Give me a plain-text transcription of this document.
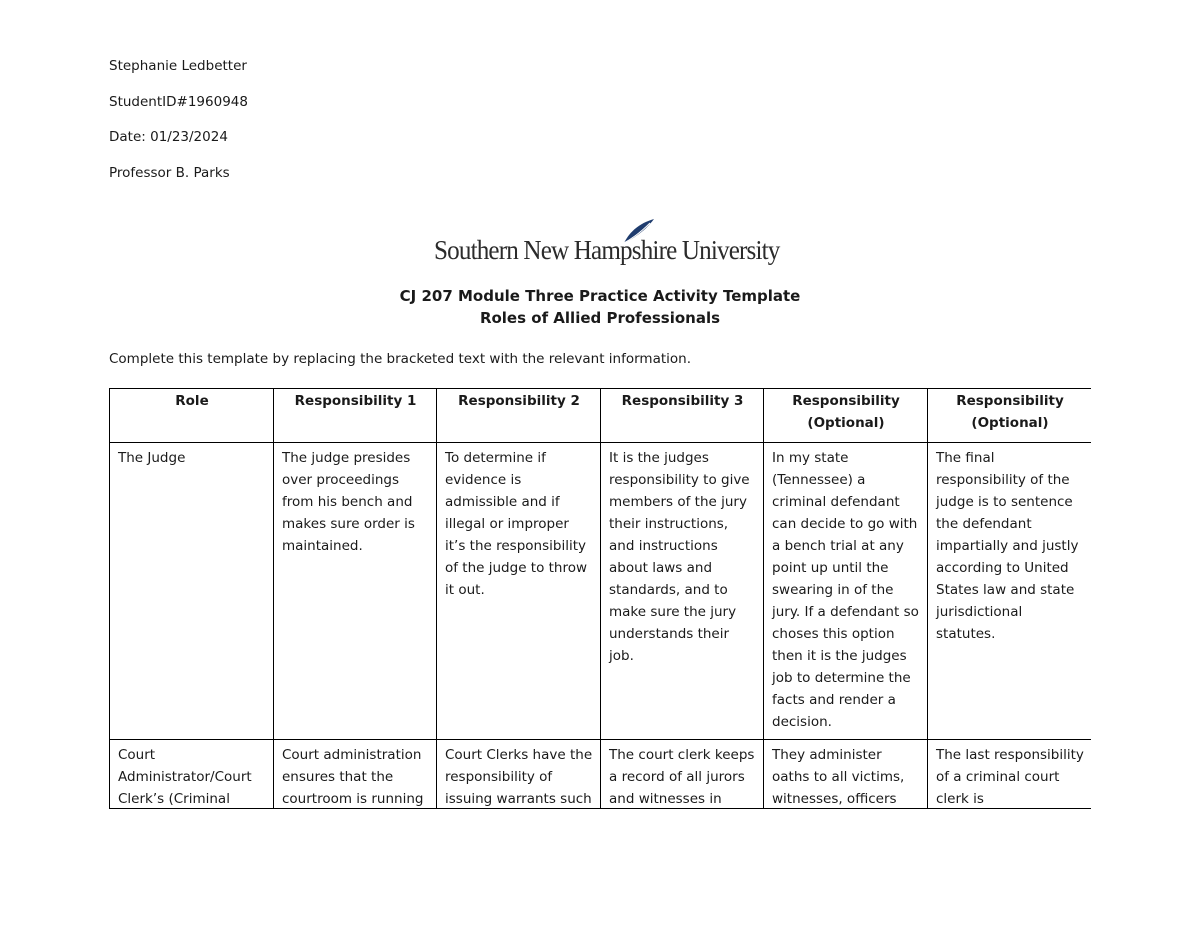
Stephanie Ledbetter
StudentID#1960948
Date: 01/23/2024
Professor B. Parks
Southern New Hampshire University
CJ 207 Module Three Practice Activity Template
Roles of Allied Professionals
Complete this template by replacing the bracketed text with the relevant information.
Role	Responsibility 1	Responsibility 2	Responsibility 3	Responsibility (Optional)	Responsibility (Optional)
The Judge	The judge presides over proceedings from his bench and makes sure order is maintained.	To determine if evidence is admissible and if illegal or improper it’s the responsibility of the judge to throw it out.	It is the judges responsibility to give members of the jury their instructions, and instructions about laws and standards, and to make sure the jury understands their job.	In my state (Tennessee) a criminal defendant can decide to go with a bench trial at any point up until the swearing in of the jury. If a defendant so choses this option then it is the judges job to determine the facts and render a decision.	The final responsibility of the judge is to sentence the defendant impartially and justly according to United States law and state jurisdictional statutes.
Court Administrator/Court Clerk’s (Criminal	Court administration ensures that the courtroom is running	Court Clerks have the responsibility of issuing warrants such	The court clerk keeps a record of all jurors and witnesses in	They administer oaths to all victims, witnesses, officers	The last responsibility of a criminal court clerk is
